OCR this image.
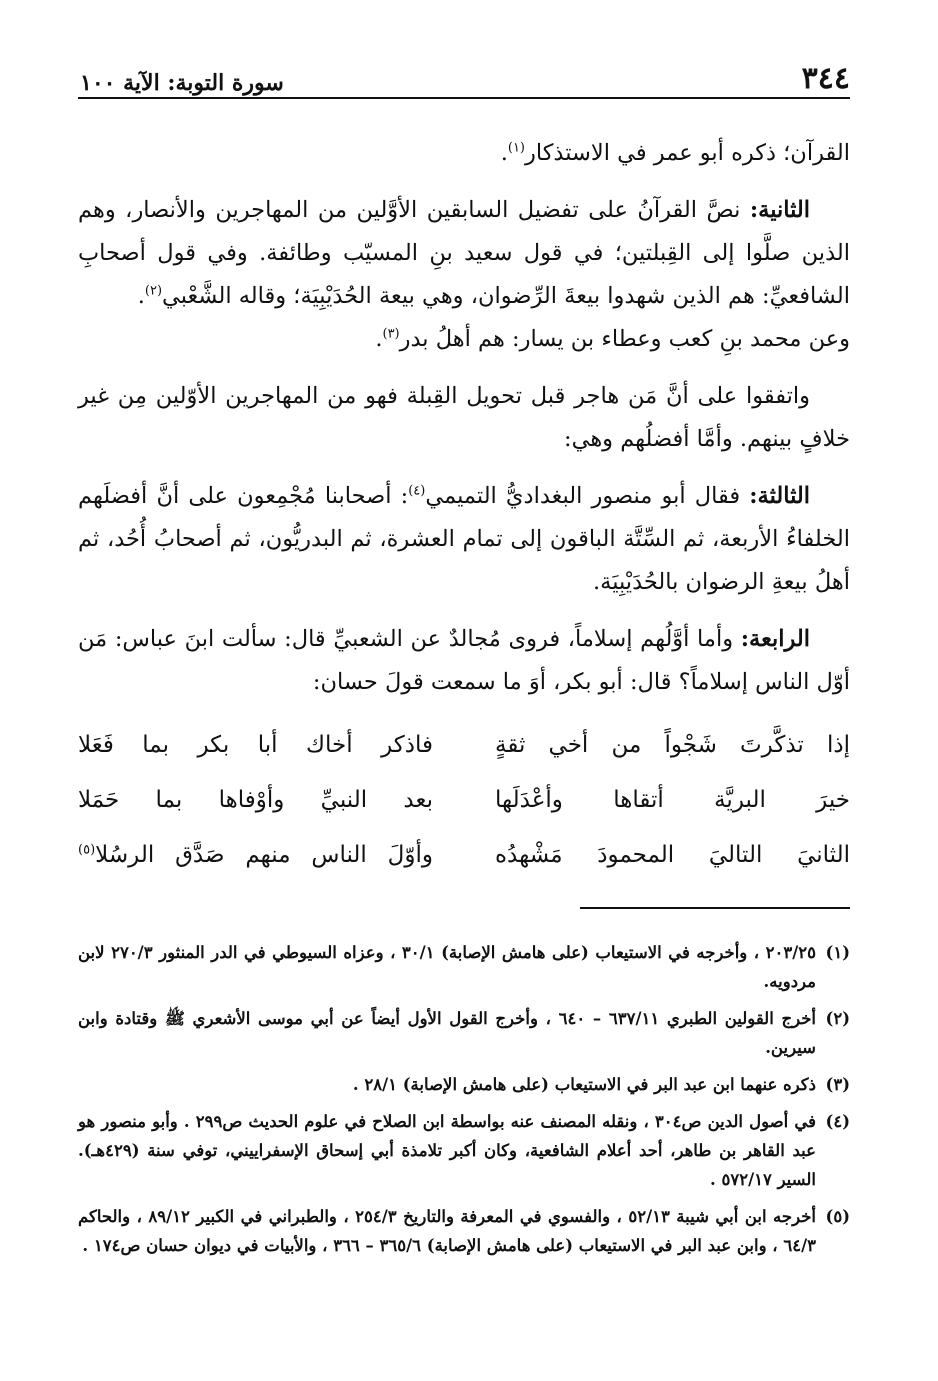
٣٤٤
سورة التوبة: الآية ١٠٠

القرآن؛ ذكره أبو عمر في الاستذكار$^{(١)}$.

الثانية: نصَّ القرآنُ على تفضيل السابقين الأوَّلين من المهاجرين والأنصار، وهم الذين صلَّوا إلى القِبلتين؛ في قول سعيد بنِ المسيّب وطائفة. وفي قول أصحابِ الشافعيِّ: هم الذين شهدوا بيعةَ الرِّضوان، وهي بيعة الحُدَيْبِيَة؛ وقاله الشَّعْبي$^{(٢)}$.
وعن محمد بنِ كعب وعطاء بن يسار: هم أهلُ بدر$^{(٣)}$.

واتفقوا على أنَّ مَن هاجر قبل تحويل القِبلة فهو من المهاجرين الأوّلين مِن غير خلافٍ بينهم. وأمَّا أفضلُهم وهي:

الثالثة: فقال أبو منصور البغداديُّ التميمي$^{(٤)}$: أصحابنا مُجْمِعون على أنَّ أفضلَهم الخلفاءُ الأربعة، ثم السِّتَّة الباقون إلى تمام العشرة، ثم البدريُّون، ثم أصحابُ أُحُد، ثم أهلُ بيعةِ الرضوان بالحُدَيْبِيَة.

الرابعة: وأما أوَّلُهم إسلاماً، فروى مُجالدٌ عن الشعبيِّ قال: سألت ابنَ عباس: مَن أوّل الناس إسلاماً؟ قال: أبو بكر، أوَ ما سمعت قولَ حسان:

إذا تذكَّرتَ شَجْواً من أخي ثقةٍ
فاذكر أخاك أبا بكر بما فَعَلا
خيرَ البريَّة أتقاها وأعْدَلَها
بعد النبيِّ وأوْفاها بما حَمَلا
الثانيَ التاليَ المحمودَ مَشْهدُه
وأوّلَ الناس منهم صَدَّق الرسُلا$^{(٥)}$
(١)
٢٠٣/٢٥ ، وأخرجه في الاستيعاب (على هامش الإصابة) ٣٠/١ ، وعزاه السيوطي في الدر المنثور ٢٧٠/٣ لابن مردويه.
(٢)
أخرج القولين الطبري ٦٣٧/١١ – ٦٤٠ ، وأخرج القول الأول أيضاً عن أبي موسى الأشعري ﷺ وقتادة وابن سيرين.
(٣)
ذكره عنهما ابن عبد البر في الاستيعاب (على هامش الإصابة) ٢٨/١ .
(٤)
في أصول الدين ص٣٠٤ ، ونقله المصنف عنه بواسطة ابن الصلاح في علوم الحديث ص٢٩٩ . وأبو منصور هو عبد القاهر بن طاهر، أحد أعلام الشافعية، وكان أكبر تلامذة أبي إسحاق الإسفراييني، توفي سنة (٤٢٩هـ). السير ٥٧٢/١٧ .
(٥)
أخرجه ابن أبي شيبة ٥٢/١٣ ، والفسوي في المعرفة والتاريخ ٢٥٤/٣ ، والطبراني في الكبير ٨٩/١٢ ، والحاكم ٦٤/٣ ، وابن عبد البر في الاستيعاب (على هامش الإصابة) ٣٦٥/٦ – ٣٦٦ ، والأبيات في ديوان حسان ص١٧٤ .
